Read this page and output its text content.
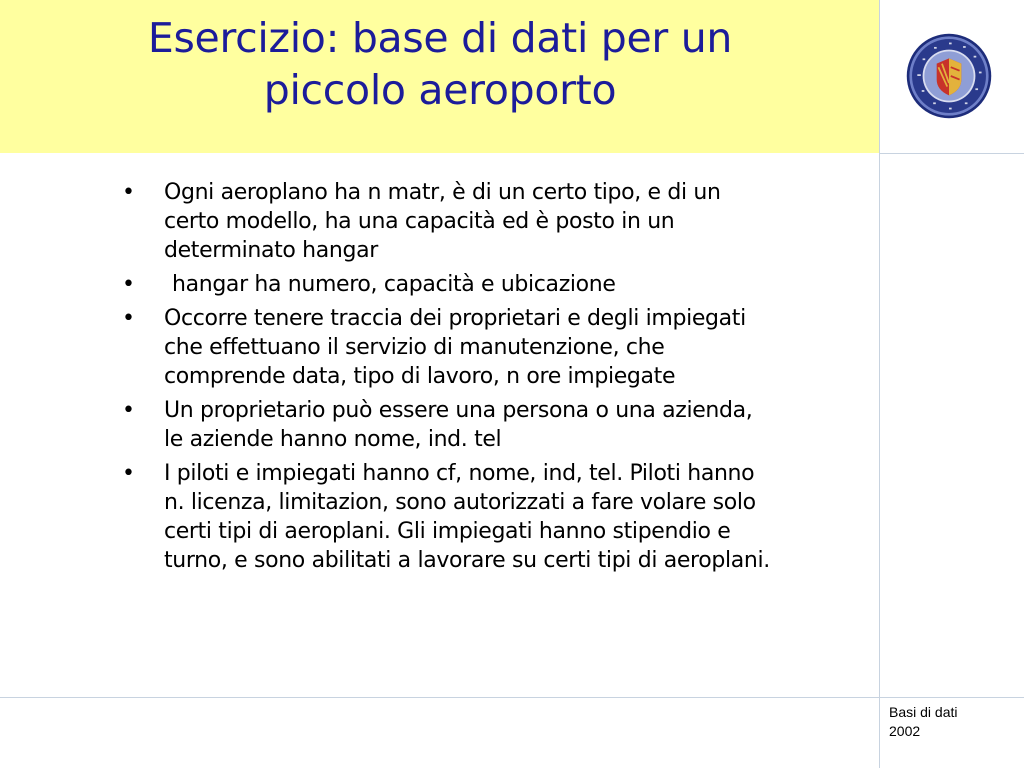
Esercizio: base di dati per un
piccolo aeroporto
• Ogni aeroplano ha n matr, è di un certo tipo, e di un certo modello, ha una capacità ed è posto in un determinato hangar
• hangar ha numero, capacità e ubicazione
• Occorre tenere traccia dei proprietari e degli impiegati che effettuano il servizio di manutenzione, che comprende data, tipo di lavoro, n ore impiegate
• Un proprietario può essere una persona o una azienda, le aziende hanno nome, ind. tel
• I piloti e impiegati hanno cf, nome, ind, tel. Piloti hanno n. licenza, limitazion, sono autorizzati a fare volare solo certi tipi di aeroplani. Gli impiegati hanno stipendio e turno, e sono abilitati a lavorare su certi tipi di aeroplani.
Basi di dati
2002
